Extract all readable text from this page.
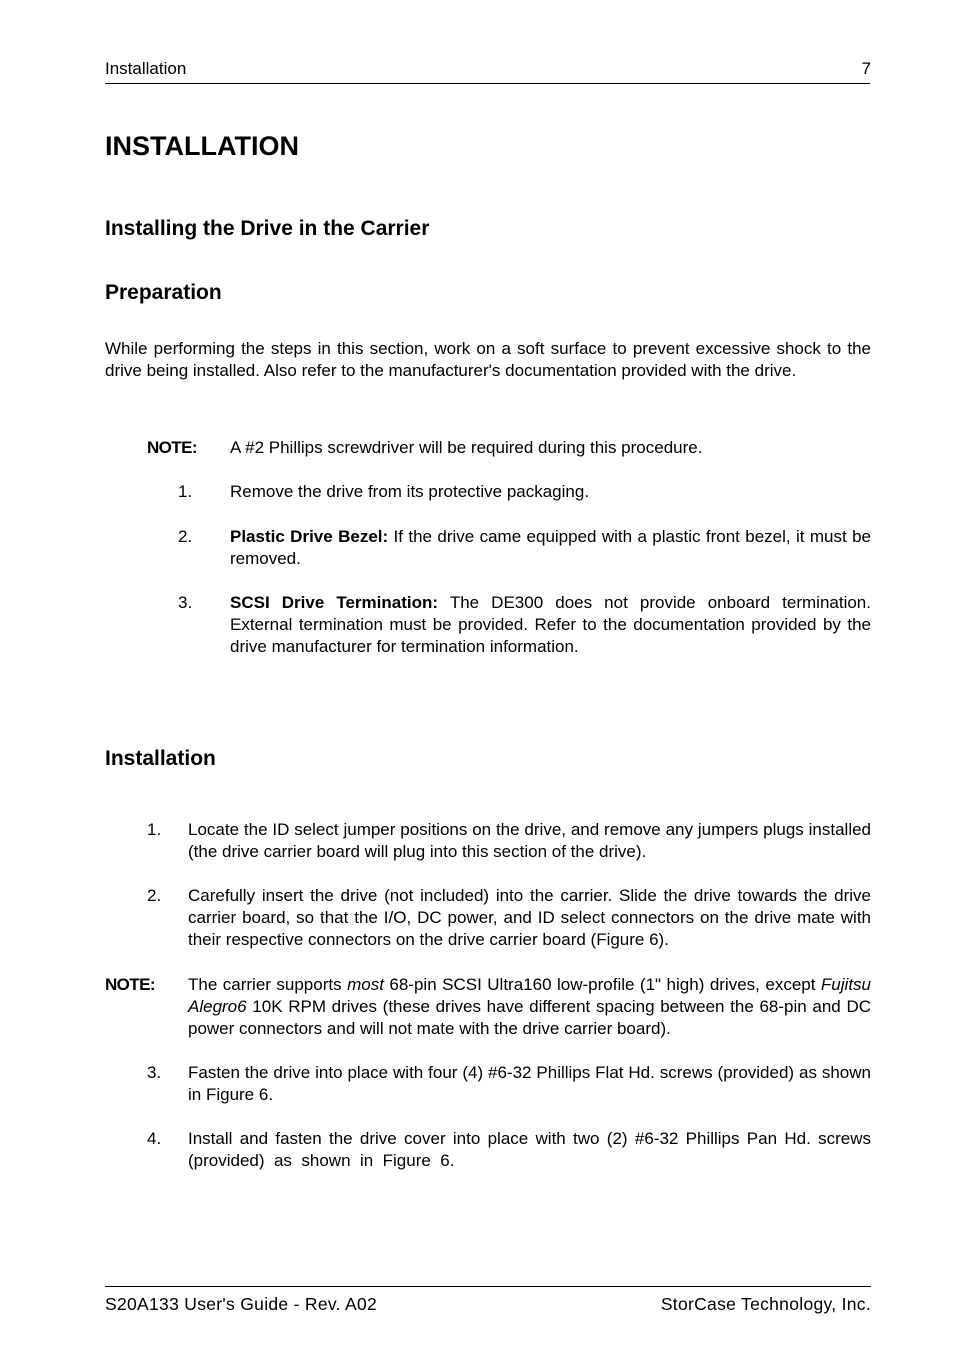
Installation	7
INSTALLATION
Installing the Drive in the Carrier
Preparation
While performing the steps in this section, work on a soft surface to prevent excessive shock to the drive being installed. Also refer to the manufacturer's documentation provided with the drive.
NOTE: A #2 Phillips screwdriver will be required during this procedure.
1. Remove the drive from its protective packaging.
2. Plastic Drive Bezel: If the drive came equipped with a plastic front bezel, it must be removed.
3. SCSI Drive Termination: The DE300 does not provide onboard termination. External termination must be provided. Refer to the documentation provided by the drive manufacturer for termination information.
Installation
1. Locate the ID select jumper positions on the drive, and remove any jumpers plugs installed (the drive carrier board will plug into this section of the drive).
2. Carefully insert the drive (not included) into the carrier. Slide the drive towards the drive carrier board, so that the I/O, DC power, and ID select connectors on the drive mate with their respective connectors on the drive carrier board (Figure 6).
NOTE: The carrier supports most 68-pin SCSI Ultra160 low-profile (1" high) drives, except Fujitsu Alegro6 10K RPM drives (these drives have different spacing between the 68-pin and DC power connectors and will not mate with the drive carrier board).
3. Fasten the drive into place with four (4) #6-32 Phillips Flat Hd. screws (provided) as shown in Figure 6.
4. Install and fasten the drive cover into place with two (2) #6-32 Phillips Pan Hd. screws  (provided)  as  shown  in  Figure  6.
S20A133 User's Guide - Rev. A02	StorCase Technology, Inc.
